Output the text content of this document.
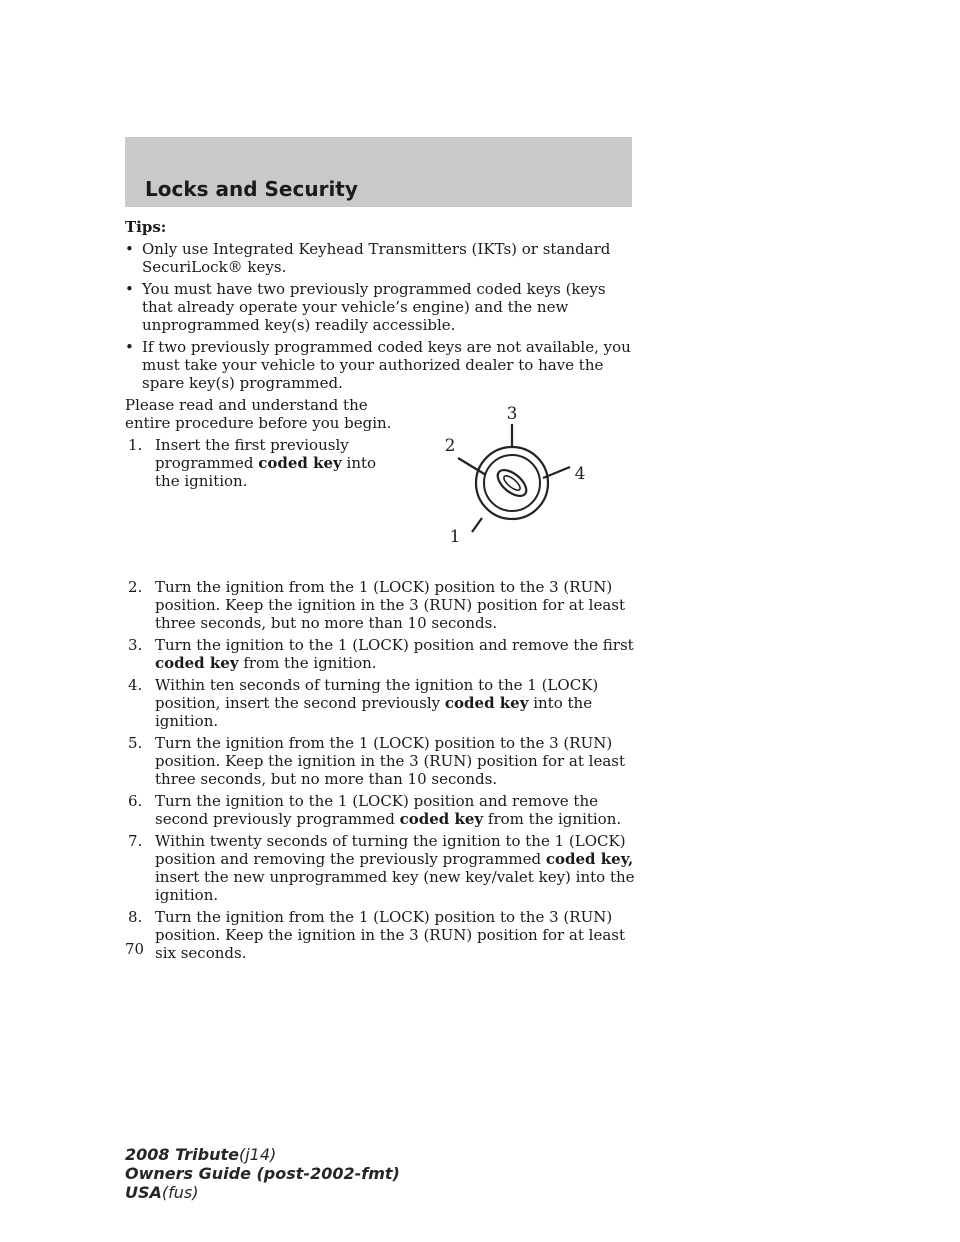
Locks and Security
Tips:
• Only use Integrated Keyhead Transmitters (IKTs) or standard SecuriLock® keys.
• You must have two previously programmed coded keys (keys that already operate your vehicle’s engine) and the new unprogrammed key(s) readily accessible.
• If two previously programmed coded keys are not available, you must take your vehicle to your authorized dealer to have the spare key(s) programmed.
Please read and understand the entire procedure before you begin.
1. Insert the first previously programmed coded key into the ignition.
2. Turn the ignition from the 1 (LOCK) position to the 3 (RUN) position. Keep the ignition in the 3 (RUN) position for at least three seconds, but no more than 10 seconds.
3. Turn the ignition to the 1 (LOCK) position and remove the first coded key from the ignition.
4. Within ten seconds of turning the ignition to the 1 (LOCK) position, insert the second previously coded key into the ignition.
5. Turn the ignition from the 1 (LOCK) position to the 3 (RUN) position. Keep the ignition in the 3 (RUN) position for at least three seconds, but no more than 10 seconds.
6. Turn the ignition to the 1 (LOCK) position and remove the second previously programmed coded key from the ignition.
7. Within twenty seconds of turning the ignition to the 1 (LOCK) position and removing the previously programmed coded key, insert the new unprogrammed key (new key/valet key) into the ignition.
8. Turn the ignition from the 1 (LOCK) position to the 3 (RUN) position. Keep the ignition in the 3 (RUN) position for at least six seconds.
3
2
4
1
70
2008 Tribute(j14)
Owners Guide (post-2002-fmt)
USA(fus)
